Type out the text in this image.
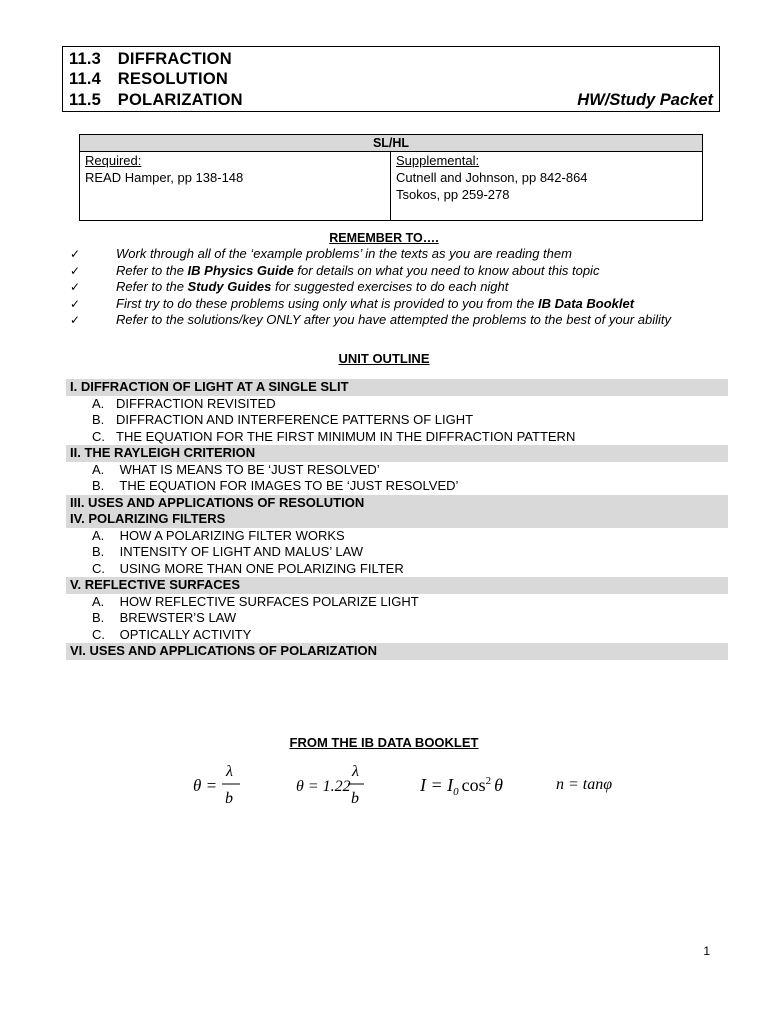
11.3 DIFFRACTION
11.4 RESOLUTION
11.5 POLARIZATION	HW/Study Packet
SL/HL
Required:
READ Hamper, pp 138-148
Supplemental:
Cutnell and Johnson, pp 842-864
Tsokos, pp 259-278
REMEMBER TO….
✓	Work through all of the ‘example problems’ in the texts as you are reading them
✓	Refer to the IB Physics Guide for details on what you need to know about this topic
✓	Refer to the Study Guides for suggested exercises to do each night
✓	First try to do these problems using only what is provided to you from the IB Data Booklet
✓	Refer to the solutions/key ONLY after you have attempted the problems to the best of your ability
UNIT OUTLINE
I. DIFFRACTION OF LIGHT AT A SINGLE SLIT
A. DIFFRACTION REVISITED
B. DIFFRACTION AND INTERFERENCE PATTERNS OF LIGHT
C. THE EQUATION FOR THE FIRST MINIMUM IN THE DIFFRACTION PATTERN
II. THE RAYLEIGH CRITERION
A. WHAT IS MEANS TO BE ‘JUST RESOLVED’
B. THE EQUATION FOR IMAGES TO BE ‘JUST RESOLVED’
III. USES AND APPLICATIONS OF RESOLUTION
IV. POLARIZING FILTERS
A. HOW A POLARIZING FILTER WORKS
B. INTENSITY OF LIGHT AND MALUS’ LAW
C. USING MORE THAN ONE POLARIZING FILTER
V. REFLECTIVE SURFACES
A. HOW REFLECTIVE SURFACES POLARIZE LIGHT
B. BREWSTER’S LAW
C. OPTICALLY ACTIVITY
VI. USES AND APPLICATIONS OF POLARIZATION
FROM THE IB DATA BOOKLET
θ =
λ
b
θ = 1.22
λ
b
$I = I_0$ $\cos^2 \theta$	n = tanφ
1
